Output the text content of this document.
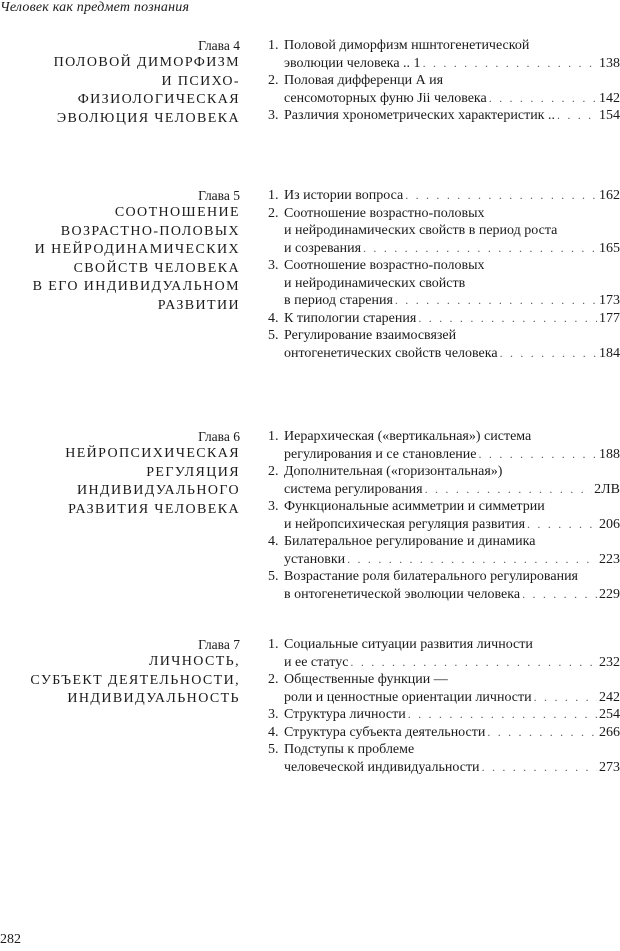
Человек как предмет познания
Глава 4
ПОЛОВОЙ ДИМОРФИЗМ
И ПСИХО-
ФИЗИОЛОГИЧЕСКАЯ
ЭВОЛЮЦИЯ ЧЕЛОВЕКА
1. Половой диморфизм ншнтогенетической
эволюции человека .. 1 . . .	138
2. Половая дифференци А ия
сенсомоторных фуню Jii человека . . .	142
3. Различия хронометрических характеристик .. . . .	154
Глава 5
СООТНОШЕНИЕ
ВОЗРАСТНО-ПОЛОВЫХ
И НЕЙРОДИНАМИЧЕСКИХ
СВОЙСТВ ЧЕЛОВЕКА
В ЕГО ИНДИВИДУАЛЬНОМ
РАЗВИТИИ
1. Из истории вопроса . . .	162
2. Соотношение возрастно-половых
и нейродинамических свойств в период роста
и созревания . . .	165
3. Соотношение возрастно-половых
и нейродинамических свойств
в период старения . . .	173
4. К типологии старения . . .	177
5. Регулирование взаимосвязей
онтогенетических свойств человека . . .	184
Глава 6
НЕЙРОПСИХИЧЕСКАЯ
РЕГУЛЯЦИЯ
ИНДИВИДУАЛЬНОГО
РАЗВИТИЯ ЧЕЛОВЕКА
1. Иерархическая («вертикальная») система
регулирования и се становление . . .	188
2. Дополнительная («горизонтальная»)
система регулирования . . .	2ЛВ
3. Функциональные асимметрии и симметрии
и нейропсихическая регуляция развития . . .	206
4. Билатеральное регулирование и динамика
установки . . .	223
5. Возрастание роля билатерального регулирования
в онтогенетической эволюции человека . . .	229
Глава 7
ЛИЧНОСТЬ,
СУБЪЕКТ ДЕЯТЕЛЬНОСТИ,
ИНДИВИДУАЛЬНОСТЬ
1. Социальные ситуации развития личности
и ее статус . . .	232
2. Общественные функции —
роли и ценностные ориентации личности . . .	242
3. Структура личности . . .	254
4. Структура субъекта деятельности . . .	266
5. Подступы к проблеме
человеческой индивидуальности . . .	273
282
